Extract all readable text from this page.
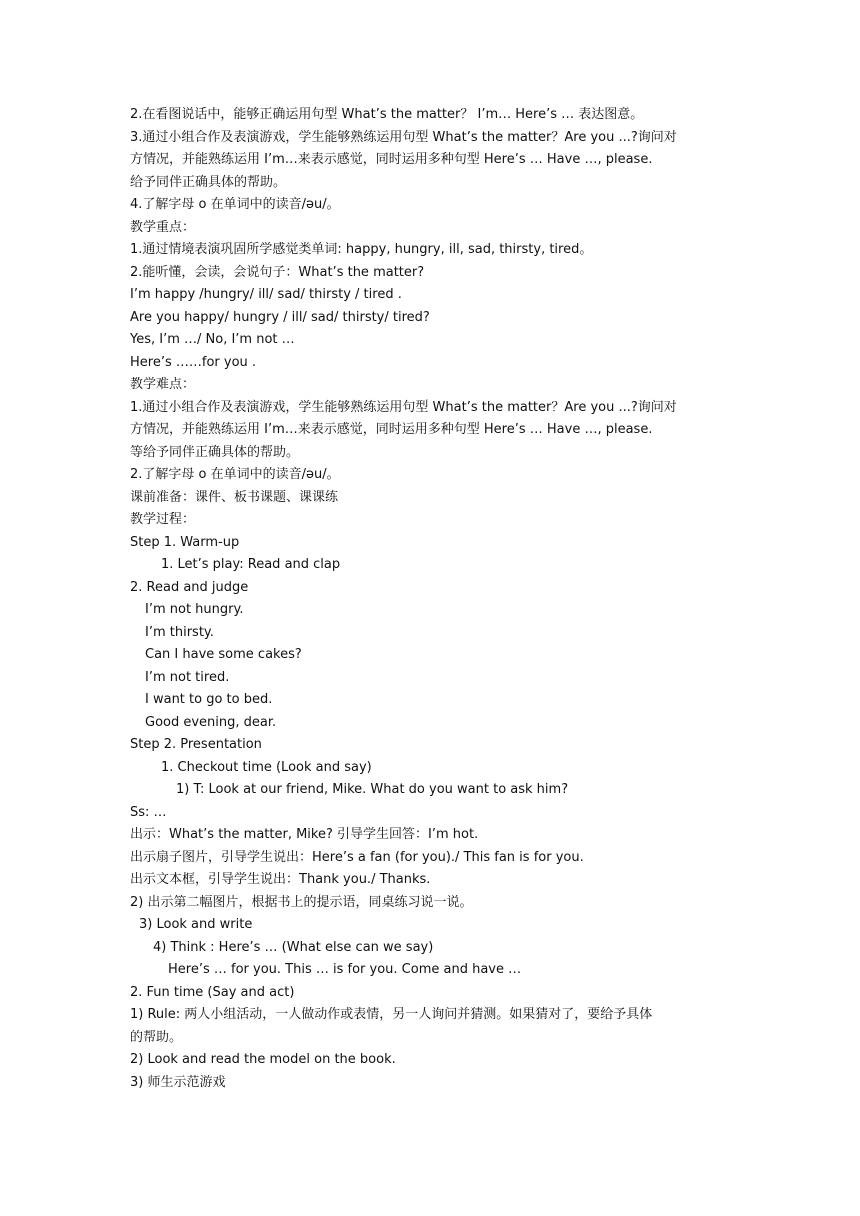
2.在看图说话中，能够正确运用句型 What’s the matter？ I’m… Here’s … 表达图意。
3.通过小组合作及表演游戏，学生能够熟练运用句型 What’s the matter？Are you ...?询问对
方情况，并能熟练运用 I’m…来表示感觉，同时运用多种句型 Here’s … Have …, please.
给予同伴正确具体的帮助。
4.了解字母 o 在单词中的读音/əu/。
教学重点：
1.通过情境表演巩固所学感觉类单词: happy, hungry, ill, sad, thirsty, tired。
2.能听懂，会读，会说句子：What’s the matter?
I’m happy /hungry/ ill/ sad/ thirsty / tired .
Are you happy/ hungry / ill/ sad/ thirsty/ tired?
Yes, I’m …/ No, I’m not …
Here’s ……for you .
教学难点：
1.通过小组合作及表演游戏，学生能够熟练运用句型 What’s the matter？Are you ...?询问对
方情况，并能熟练运用 I’m…来表示感觉，同时运用多种句型 Here’s … Have …, please.
等给予同伴正确具体的帮助。
2.了解字母 o 在单词中的读音/əu/。
课前准备：课件、板书课题、课课练
教学过程：
Step 1. Warm-up
1. Let’s play: Read and clap
2. Read and judge
I’m not hungry.
I’m thirsty.
Can I have some cakes?
I’m not tired.
I want to go to bed.
Good evening, dear.
Step 2. Presentation
1. Checkout time (Look and say)
1) T: Look at our friend, Mike. What do you want to ask him?
Ss: …
出示：What’s the matter, Mike? 引导学生回答：I’m hot.
出示扇子图片，引导学生说出：Here’s a fan (for you)./ This fan is for you.
出示文本框，引导学生说出：Thank you./ Thanks.
2) 出示第二幅图片，根据书上的提示语，同桌练习说一说。
3) Look and write
4) Think : Here’s … (What else can we say)
Here’s … for you. This … is for you. Come and have …
2. Fun time (Say and act)
1) Rule: 两人小组活动，一人做动作或表情，另一人询问并猜测。如果猜对了，要给予具体
的帮助。
2) Look and read the model on the book.
3) 师生示范游戏
